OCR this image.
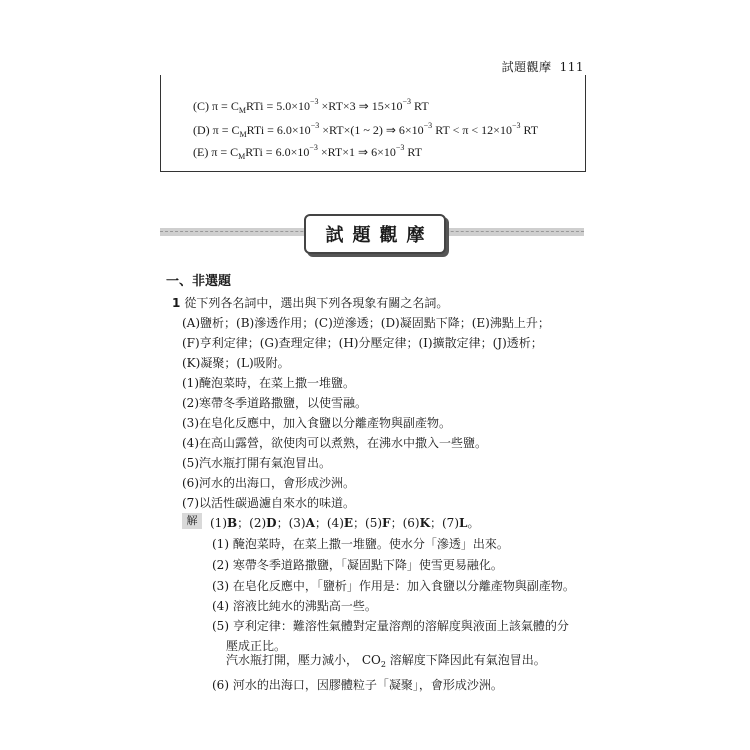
試題觀摩 111
(C) $\pi = C_MRTi = 5.0\times 10^{-3} \times RT\times 3$ ⇒ $15\times 10^{-3}$ RT
(D) $\pi = C_MRTi = 6.0\times 10^{-3} \times RT\times(1$ ~ 2) ⇒ $6\times 10^{-3}$ RT < $\pi < 12\times 10^{-3}$ RT
(E) $\pi = C_MRTi = 6.0\times 10^{-3} \times RT\times 1$ ⇒ $6\times 10^{-3}$ RT
試題觀摩
一、非選題
1 從下列各名詞中，選出與下列各現象有關之名詞。
(A)鹽析；(B)滲透作用；(C)逆滲透；(D)凝固點下降；(E)沸點上升；
(F)亨利定律；(G)查理定律；(H)分壓定律；(I)擴散定律；(J)透析；
(K)凝聚；(L)吸附。
(1)醃泡菜時，在菜上撒一堆鹽。
(2)寒帶冬季道路撒鹽，以使雪融。
(3)在皂化反應中，加入食鹽以分離產物與副產物。
(4)在高山露營，欲使肉可以煮熟，在沸水中撒入一些鹽。
(5)汽水瓶打開有氣泡冒出。
(6)河水的出海口，會形成沙洲。
(7)以活性碳過濾自來水的味道。
解	(1)B；(2)D；(3)A；(4)E；(5)F；(6)K；(7)L。
(1) 醃泡菜時，在菜上撒一堆鹽。使水分「滲透」出來。
(2) 寒帶冬季道路撒鹽，「凝固點下降」使雪更易融化。
(3) 在皂化反應中，「鹽析」作用是：加入食鹽以分離產物與副產物。
(4) 溶液比純水的沸點高一些。
(5) 亨利定律：難溶性氣體對定量溶劑的溶解度與液面上該氣體的分
壓成正比。
汽水瓶打開，壓力減小， $CO_2$ 溶解度下降因此有氣泡冒出。
(6) 河水的出海口，因膠體粒子「凝聚」，會形成沙洲。
